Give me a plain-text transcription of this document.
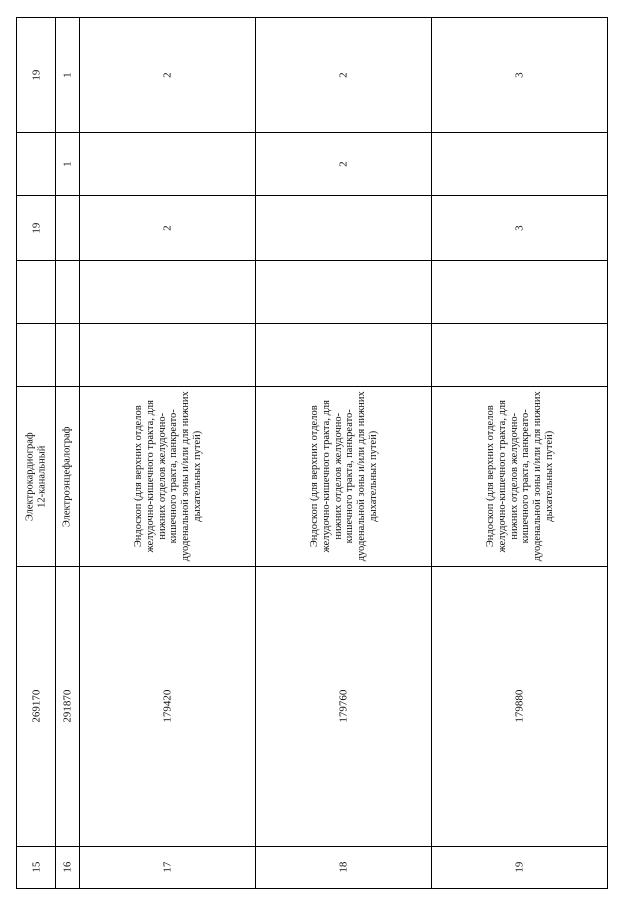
19
19
Электрокардиограф 12-канальный
269170
15
1
1
Электроэнцефалограф
291870
16
2
2
Эндоскоп (для верхних отделов желудочно-кишечного тракта, для нижних отделов желудочно-кишечного тракта, панкреато-дуоденальной зоны и/или для нижних дыхательных путей)
179420
17
2
2
Эндоскоп (для верхних отделов желудочно-кишечного тракта, для нижних отделов желудочно-кишечного тракта, панкреато-дуоденальной зоны и/или для нижних дыхательных путей)
179760
18
3
3
Эндоскоп (для верхних отделов желудочно-кишечного тракта, для нижних отделов желудочно-кишечного тракта, панкреато-дуоденальной зоны и/или для нижних дыхательных путей)
179880
19
